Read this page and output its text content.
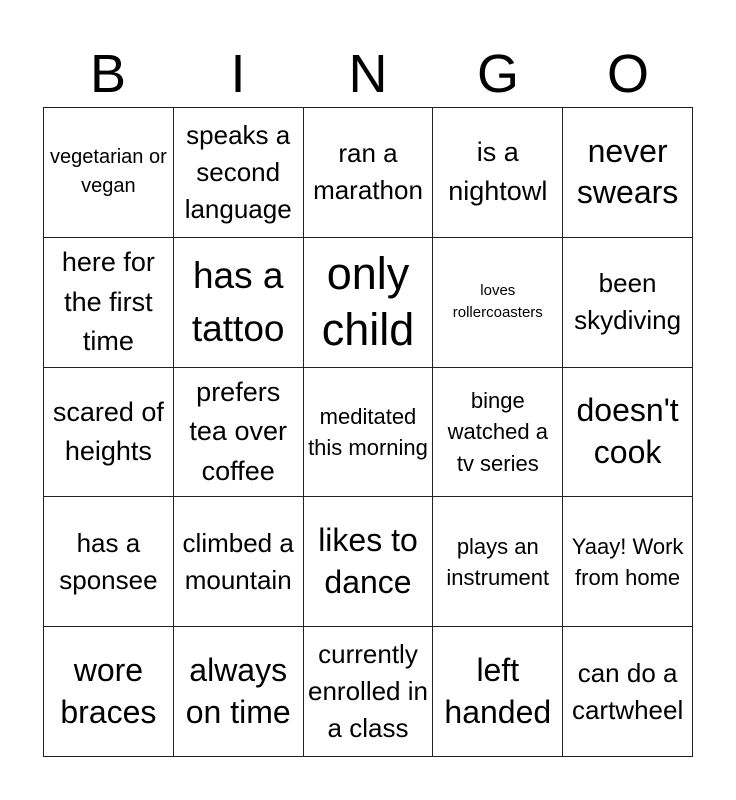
B	I	N	G	O
vegetarian or vegan
speaks a second language
ran a marathon
is a nightowl
never swears
here for the first time
has a tattoo
only child
loves rollercoasters
been skydiving
scared of heights
prefers tea over coffee
meditated this morning
binge watched a tv series
doesn't cook
has a sponsee
climbed a mountain
likes to dance
plays an instrument
Yaay! Work from home
wore braces
always on time
currently enrolled in a class
left handed
can do a cartwheel
